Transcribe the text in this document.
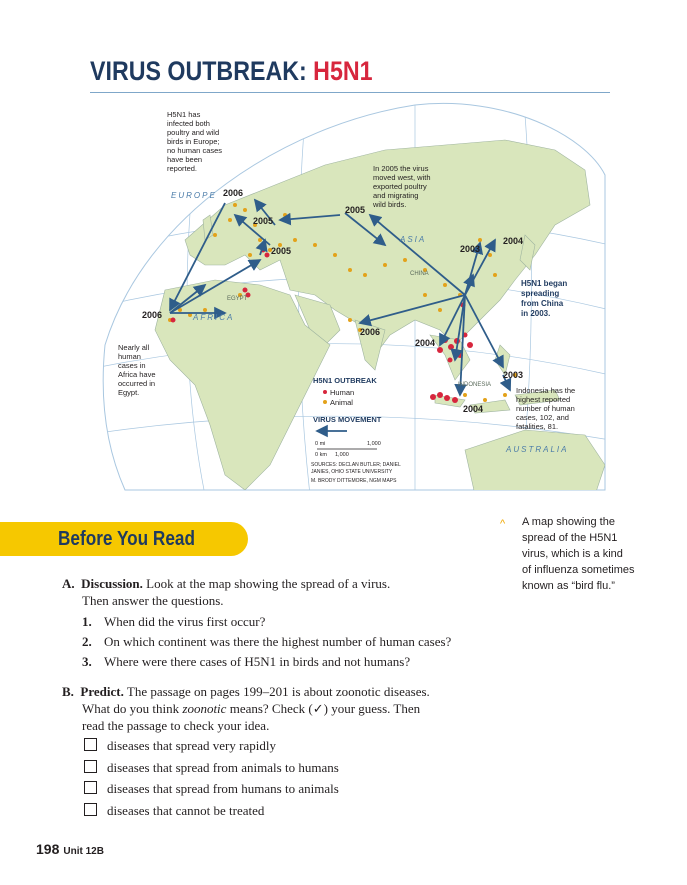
VIRUS OUTBREAK: H5N1
2006
2005
2005
2005
2003
2004
2006
2006
2004
2003
2004
EUROPE
ASIA
AFRICA
AUSTRALIA
CHINA
EGYPT
INDONESIA
H5N1 has
infected both
poultry and wild
birds in Europe;
no human cases
have been
reported.	In 2005 the virus
moved west, with
exported poultry
and migrating
wild birds.
H5N1 began
spreading
from China
in 2003.
Nearly all
human
cases in
Africa have
occurred in
Egypt.	Indonesia has the
highest reported
number of human
cases, 102, and
fatalities, 81.
H5N1 OUTBREAK
Human
Animal
VIRUS MOVEMENT
0 mi	1,000
0 km 1,000
SOURCES: DECLAN BUTLER; DANIEL
JANIES, OHIO STATE UNIVERSITY
M. BRODY DITTEMORE, NGM MAPS
Before You Read
^	A map showing the
spread of the H5N1
virus, which is a kind
of influenza sometimes
known as “bird flu.”
A. Discussion. Look at the map showing the spread of a virus.
Then answer the questions.
1. When did the virus first occur?
2. On which continent was there the highest number of human cases?
3. Where were there cases of H5N1 in birds and not humans?
B. Predict. The passage on pages 199–201 is about zoonotic diseases.
What do you think zoonotic means? Check (✓) your guess. Then
read the passage to check your idea.
diseases that spread very rapidly
diseases that spread from animals to humans
diseases that spread from humans to animals
diseases that cannot be treated
198 Unit 12B
